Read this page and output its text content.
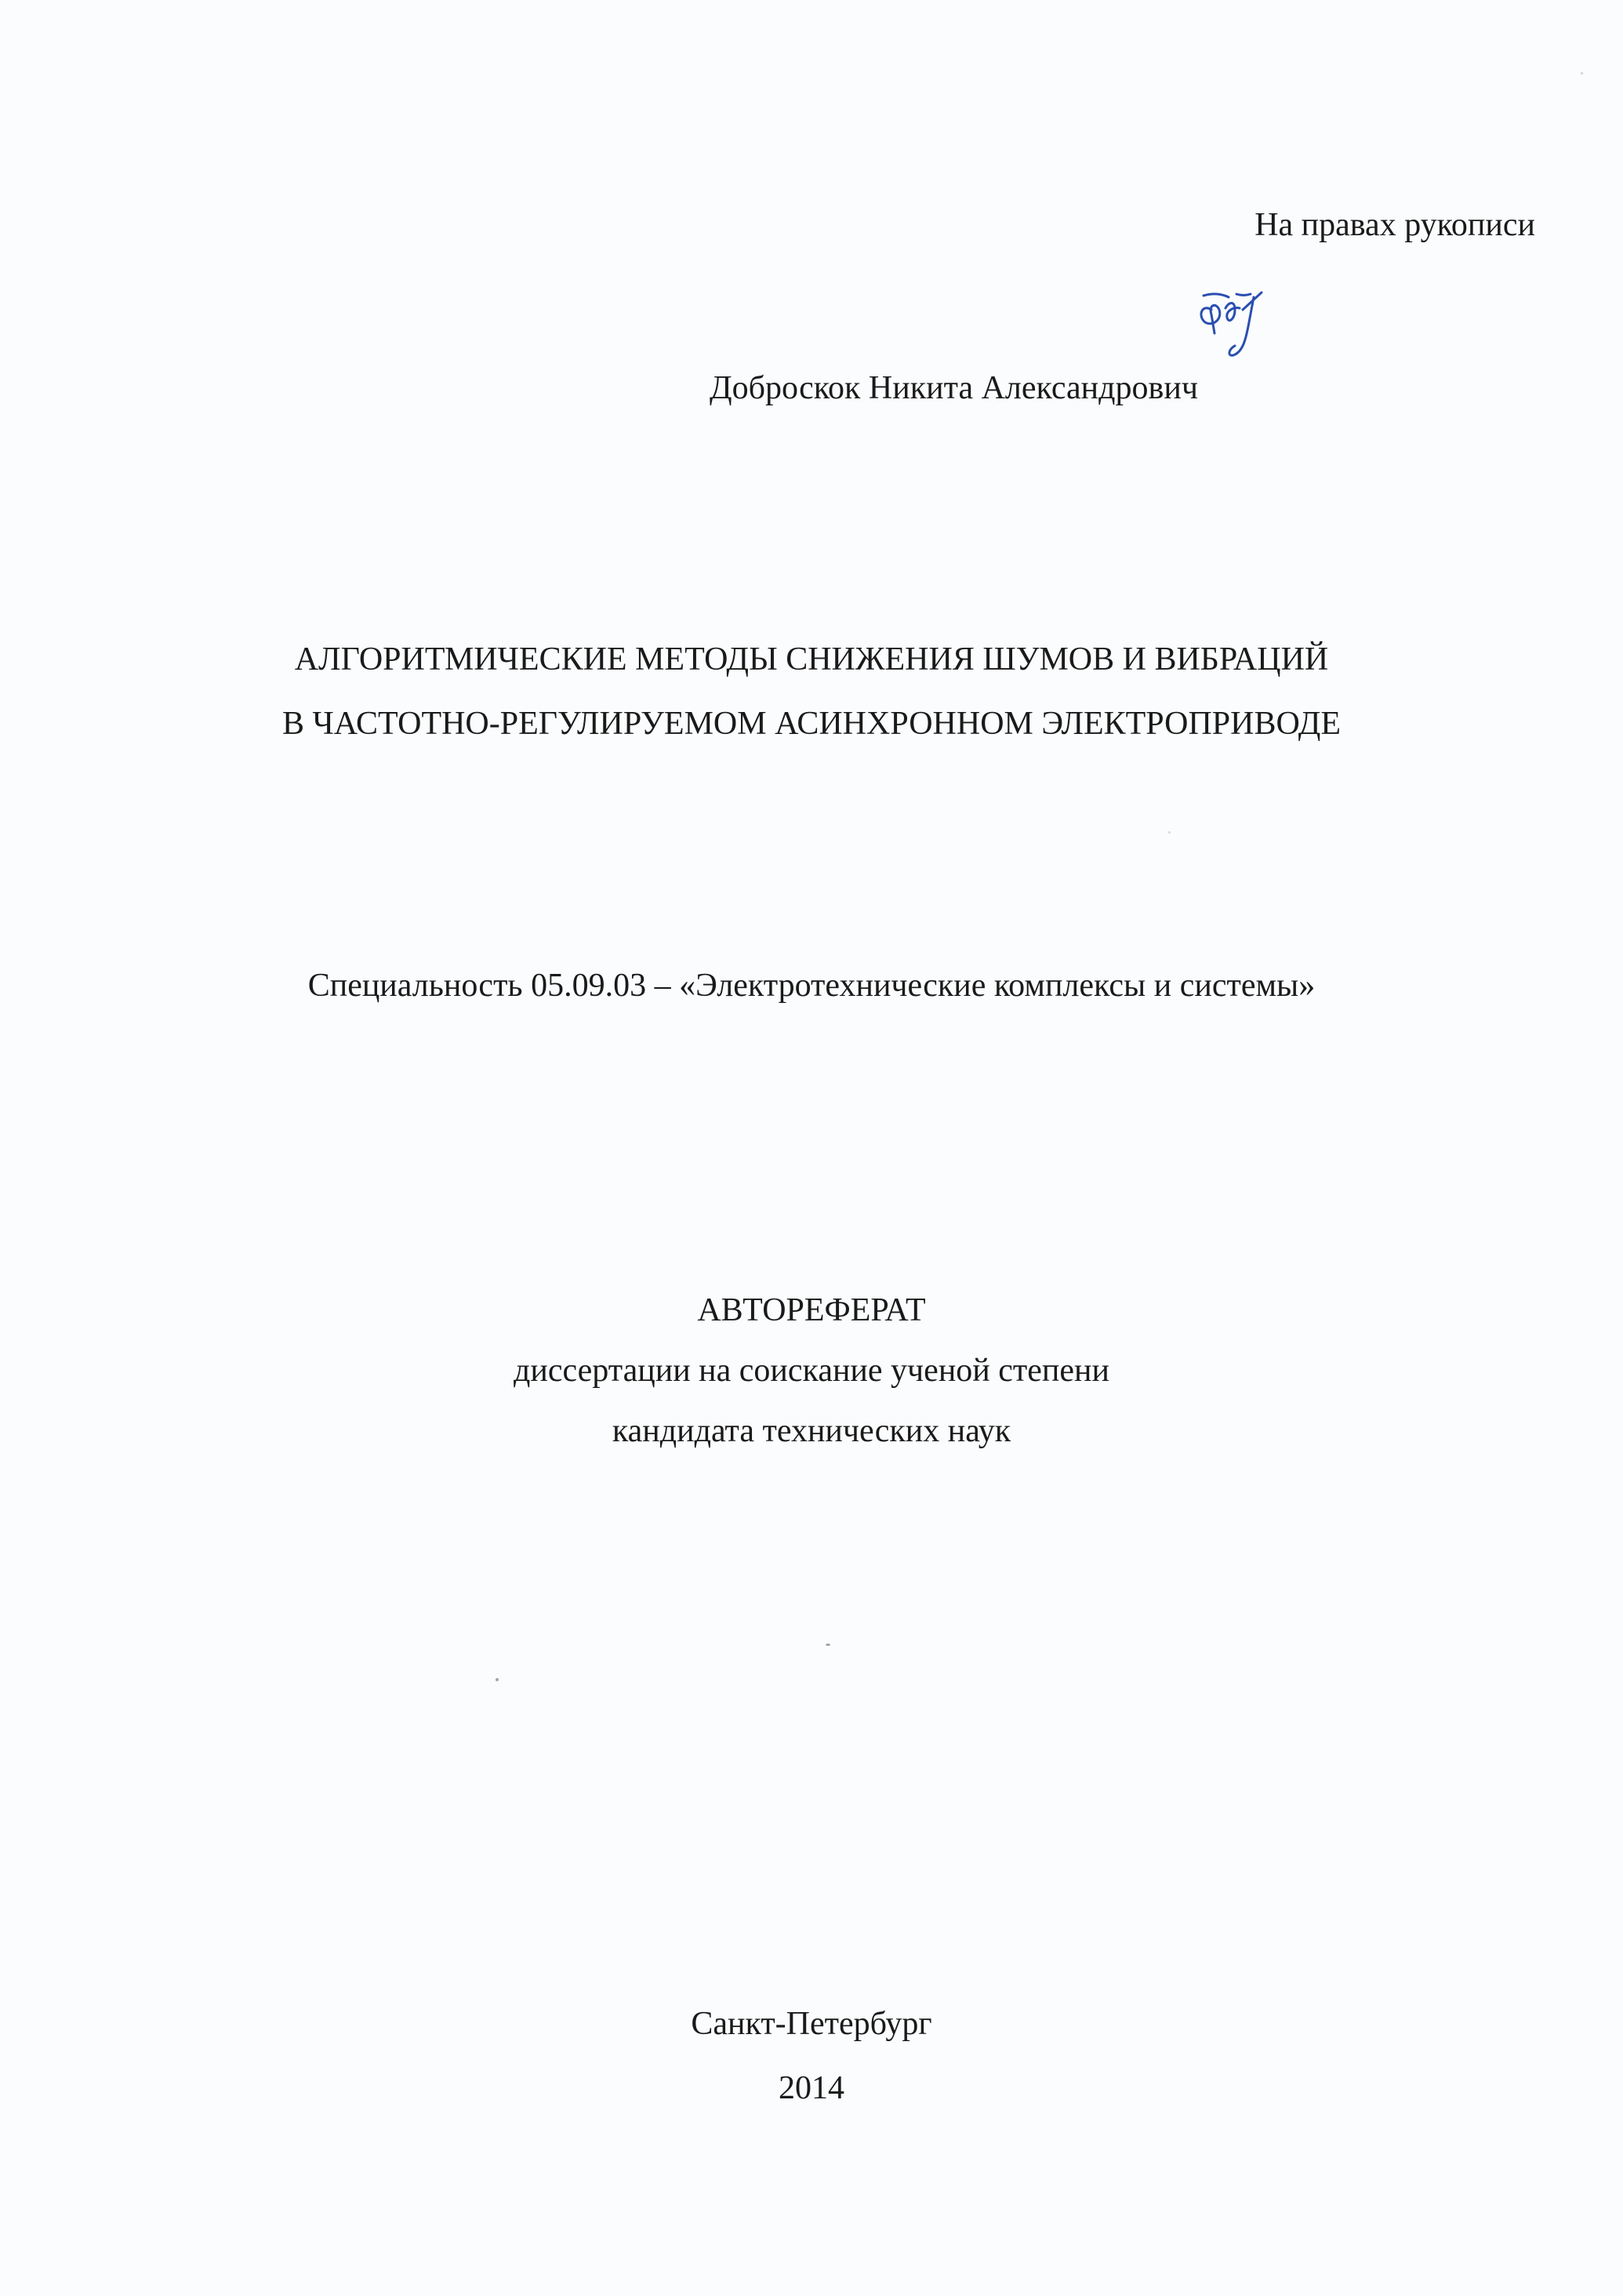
На правах рукописи
Доброскок Никита Александрович
АЛГОРИТМИЧЕСКИЕ МЕТОДЫ СНИЖЕНИЯ ШУМОВ И ВИБРАЦИЙ
В ЧАСТОТНО-РЕГУЛИРУЕМОМ АСИНХРОННОМ ЭЛЕКТРОПРИВОДЕ
Специальность 05.09.03 – «Электротехнические комплексы и системы»
АВТОРЕФЕРАТ
диссертации на соискание ученой степени
кандидата технических наук
Санкт-Петербург
2014
